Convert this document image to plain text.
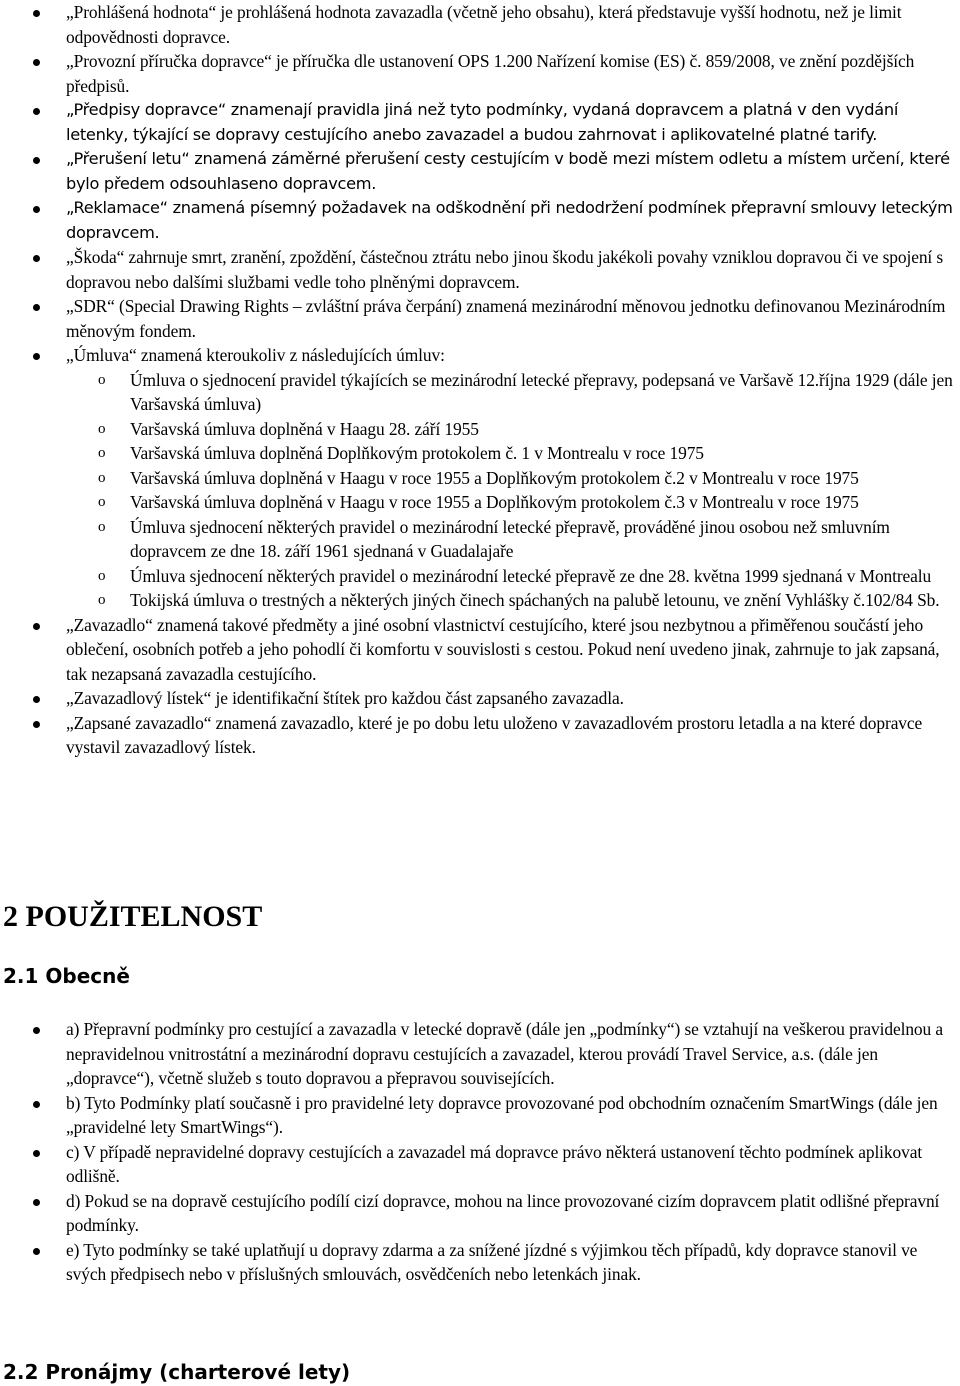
„Prohlášená hodnota“ je prohlášená hodnota zavazadla (včetně jeho obsahu), která představuje vyšší hodnotu, než je limit odpovědnosti dopravce.
„Provozní příručka dopravce“ je příručka dle ustanovení OPS 1.200 Nařízení komise (ES) č. 859/2008, ve znění pozdějších předpisů.
„Předpisy dopravce“ znamenají pravidla jiná než tyto podmínky, vydaná dopravcem a platná v den vydání letenky, týkající se dopravy cestujícího anebo zavazadel a budou zahrnovat i aplikovatelné platné tarify.
„Přerušení letu“ znamená záměrné přerušení cesty cestujícím v bodě mezi místem odletu a místem určení, které bylo předem odsouhlaseno dopravcem.
„Reklamace“ znamená písemný požadavek na odškodnění při nedodržení podmínek přepravní smlouvy leteckým dopravcem.
„Škoda“ zahrnuje smrt, zranění, zpoždění, částečnou ztrátu nebo jinou škodu jakékoli povahy vzniklou dopravou či ve spojení s dopravou nebo dalšími službami vedle toho plněnými dopravcem.
„SDR“ (Special Drawing Rights – zvláštní práva čerpání) znamená mezinárodní měnovou jednotku definovanou Mezinárodním měnovým fondem.
„Úmluva“ znamená kteroukoliv z následujících úmluv:
o Úmluva o sjednocení pravidel týkajících se mezinárodní letecké přepravy, podepsaná ve Varšavě 12.října 1929 (dále jen Varšavská úmluva)
o Varšavská úmluva doplněná v Haagu 28. září 1955
o Varšavská úmluva doplněná Doplňkovým protokolem č. 1 v Montrealu v roce 1975
o Varšavská úmluva doplněná v Haagu v roce 1955 a Doplňkovým protokolem č.2 v Montrealu v roce 1975
o Varšavská úmluva doplněná v Haagu v roce 1955 a Doplňkovým protokolem č.3 v Montrealu v roce 1975
o Úmluva sjednocení některých pravidel o mezinárodní letecké přepravě, prováděné jinou osobou než smluvním dopravcem ze dne 18. září 1961 sjednaná v Guadalajaře
o Úmluva sjednocení některých pravidel o mezinárodní letecké přepravě ze dne 28. května 1999 sjednaná v Montrealu
o Tokijská úmluva o trestných a některých jiných činech spáchaných na palubě letounu, ve znění Vyhlášky č.102/84 Sb.
„Zavazadlo“ znamená takové předměty a jiné osobní vlastnictví cestujícího, které jsou nezbytnou a přiměřenou součástí jeho oblečení, osobních potřeb a jeho pohodlí či komfortu v souvislosti s cestou. Pokud není uvedeno jinak, zahrnuje to jak zapsaná, tak nezapsaná zavazadla cestujícího.
„Zavazadlový lístek“ je identifikační štítek pro každou část zapsaného zavazadla.
„Zapsané zavazadlo“ znamená zavazadlo, které je po dobu letu uloženo v zavazadlovém prostoru letadla a na které dopravce vystavil zavazadlový lístek.
2 POUŽITELNOST
2.1 Obecně
a) Přepravní podmínky pro cestující a zavazadla v letecké dopravě (dále jen „podmínky“) se vztahují na veškerou pravidelnou a nepravidelnou vnitrostátní a mezinárodní dopravu cestujících a zavazadel, kterou provádí Travel Service, a.s. (dále jen „dopravce“), včetně služeb s touto dopravou a přepravou souvisejících.
b) Tyto Podmínky platí současně i pro pravidelné lety dopravce provozované pod obchodním označením SmartWings (dále jen „pravidelné lety SmartWings“).
c) V případě nepravidelné dopravy cestujících a zavazadel má dopravce právo některá ustanovení těchto podmínek aplikovat odlišně.
d) Pokud se na dopravě cestujícího podílí cizí dopravce, mohou na lince provozované cizím dopravcem platit odlišné přepravní podmínky.
e) Tyto podmínky se také uplatňují u dopravy zdarma a za snížené jízdné s výjimkou těch případů, kdy dopravce stanovil ve svých předpisech nebo v příslušných smlouvách, osvědčeních nebo letenkách jinak.
2.2 Pronájmy (charterové lety)
